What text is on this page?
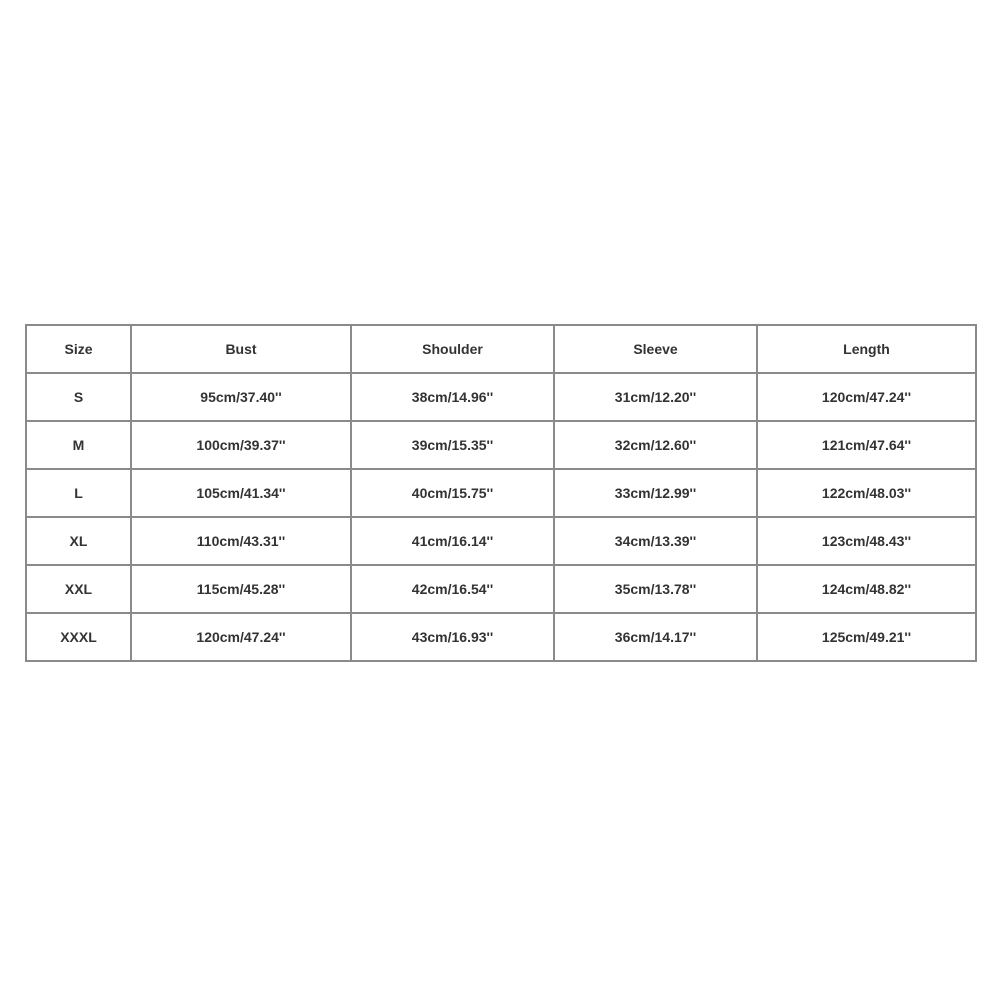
Size	Bust	Shoulder	Sleeve	Length
S	95cm/37.40''	38cm/14.96''	31cm/12.20''	120cm/47.24''
M	100cm/39.37''	39cm/15.35''	32cm/12.60''	121cm/47.64''
L	105cm/41.34''	40cm/15.75''	33cm/12.99''	122cm/48.03''
XL	110cm/43.31''	41cm/16.14''	34cm/13.39''	123cm/48.43''
XXL	115cm/45.28''	42cm/16.54''	35cm/13.78''	124cm/48.82''
XXXL	120cm/47.24''	43cm/16.93''	36cm/14.17''	125cm/49.21''
